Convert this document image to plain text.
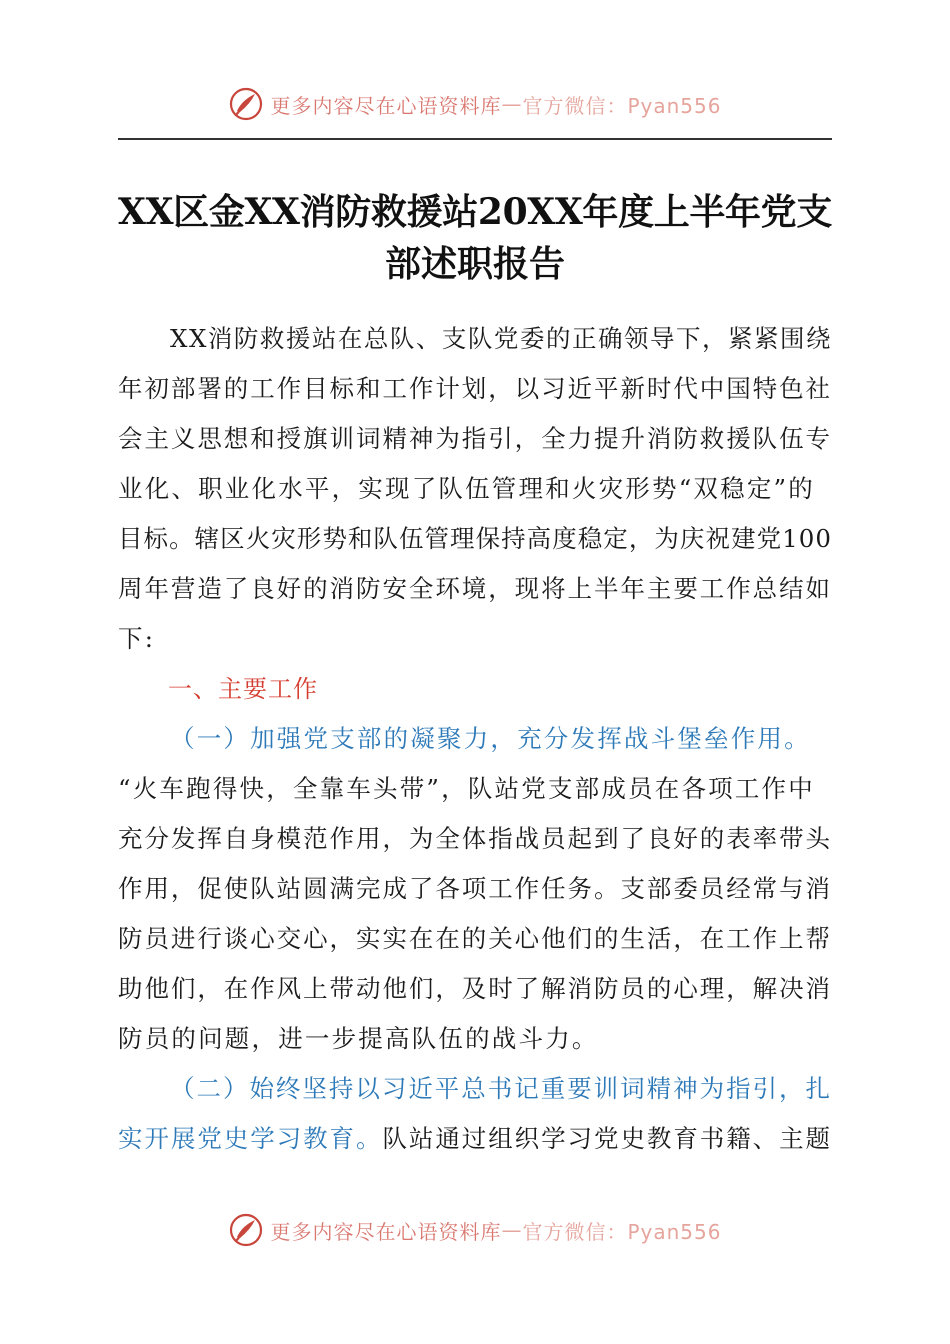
更多内容尽在心语资料库 — 官方微信：Pyan556
XX区金XX消防救援站20XX年度上半年党支
部述职报告
XX消防救援站在总队、支队党委的正确领导下，紧紧围绕
年初部署的工作目标和工作计划，以习近平新时代中国特色社
会主义思想和授旗训词精神为指引，全力提升消防救援队伍专
业化、职业化水平，实现了队伍管理和火灾形势“双稳定”的
目标。辖区火灾形势和队伍管理保持高度稳定，为庆祝建党100
周年营造了良好的消防安全环境，现将上半年主要工作总结如
下:
一、主要工作
（一）加强党支部的凝聚力，充分发挥战斗堡垒作用。
“火车跑得快，全靠车头带”，队站党支部成员在各项工作中
充分发挥自身模范作用，为全体指战员起到了良好的表率带头
作用，促使队站圆满完成了各项工作任务。支部委员经常与消
防员进行谈心交心，实实在在的关心他们的生活，在工作上帮
助他们，在作风上带动他们，及时了解消防员的心理，解决消
防员的问题，进一步提高队伍的战斗力。
（二）始终坚持以习近平总书记重要训词精神为指引，扎
实开展党史学习教育。队站通过组织学习党史教育书籍、主题
更多内容尽在心语资料库 — 官方微信：Pyan556
